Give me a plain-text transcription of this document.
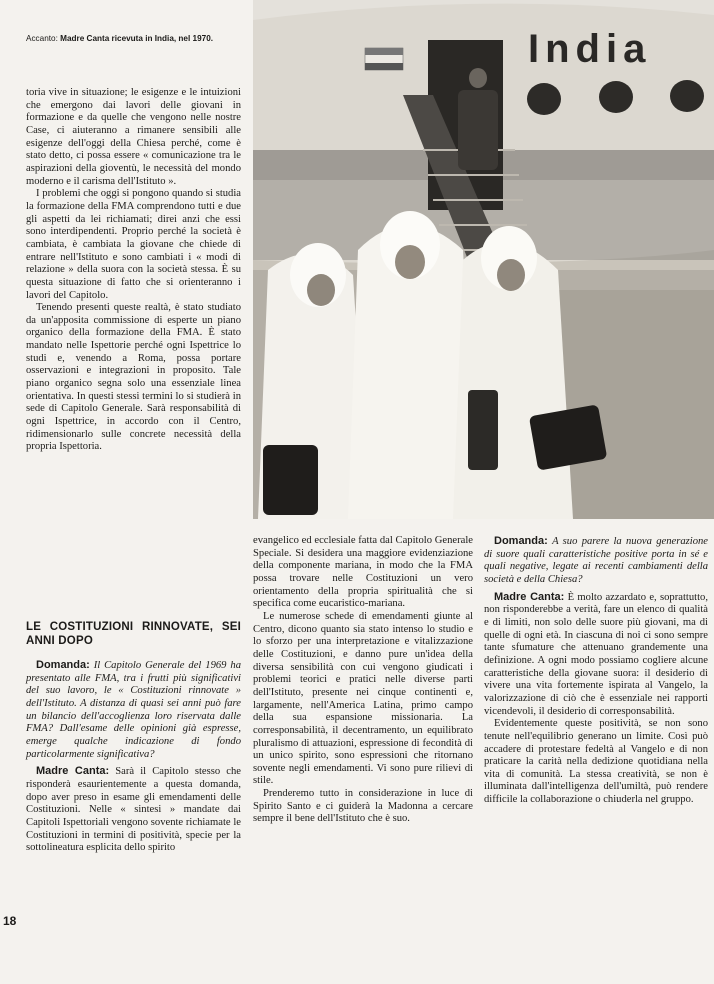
Accanto: Madre Canta ricevuta in India, nel 1970.	India

toria vive in situazione; le esigenze e le intuizioni che emergono dai lavori delle giovani in formazione e da quelle che vengono nelle nostre Case, ci aiuteranno a rimanere sensibili alle esigenze dell'oggi della Chiesa perché, come è stato detto, ci possa essere « comunicazione tra le aspirazioni della gioventù, le necessità del mondo moderno e il carisma dell'Istituto ».

I problemi che oggi si pongono quando si studia la formazione della FMA comprendono tutti e due gli aspetti da lei richiamati; direi anzi che essi sono interdipendenti. Proprio perché la società è cambiata, è cambiata la giovane che chiede di entrare nell'Istituto e sono cambiati i « modi di relazione » della suora con la società stessa. È su questa situazione di fatto che si orienteranno i lavori del Capitolo.

Tenendo presenti queste realtà, è stato studiato da un'apposita commissione di esperte un piano organico della formazione della FMA. È stato mandato nelle Ispettorie perché ogni Ispettrice lo studi e, venendo a Roma, possa portare osservazioni e integrazioni in proposito. Tale piano organico segna solo una essenziale linea orientativa. In questi stessi termini lo si studierà in sede di Capitolo Generale. Sarà responsabilità di ogni Ispettrice, in accordo con il Centro, ridimensionarlo sulle concrete necessità della propria Ispettoria.

LE COSTITUZIONI RINNOVATE, SEI ANNI DOPO

Domanda: Il Capitolo Generale del 1969 ha presentato alle FMA, tra i frutti più significativi del suo lavoro, le « Costituzioni rinnovate » dell'Istituto. A distanza di quasi sei anni può fare un bilancio dell'accoglienza loro riservata dalle FMA? Dall'esame delle opinioni già espresse, emerge qualche indicazione di fondo particolarmente significativa?

Madre Canta: Sarà il Capitolo stesso che risponderà esaurientemente a questa domanda, dopo aver preso in esame gli emendamenti delle Costituzioni. Nelle « sintesi » mandate dai Capitoli Ispettoriali vengono sovente richiamate le Costituzioni in termini di positività, specie per la sottolineatura esplicita dello spirito

evangelico ed ecclesiale fatta dal Capitolo Generale Speciale. Si desidera una maggiore evidenziazione della componente mariana, in modo che la FMA possa trovare nelle Costituzioni un vero orientamento della propria spiritualità che si specifica come eucaristico-mariana.

Le numerose schede di emendamenti giunte al Centro, dicono quanto sia stato intenso lo studio e lo sforzo per una interpretazione e vitalizzazione delle Costituzioni, e danno pure un'idea della diversa sensibilità con cui vengono giudicati i problemi teorici e pratici nelle diverse parti dell'Istituto, presente nei cinque continenti e, largamente, nell'America Latina, primo campo della sua espansione missionaria. La corresponsabilità, il decentramento, un equilibrato pluralismo di attuazioni, espressione di fecondità di un unico spirito, sono espressioni che ritornano sovente negli emendamenti. Vi sono pure rilievi di stile.

Prenderemo tutto in considerazione in luce di Spirito Santo e ci guiderà la Madonna a cercare sempre il bene dell'Istituto che è suo.

Domanda: A suo parere la nuova generazione di suore quali caratteristiche positive porta in sé e quali negative, legate ai recenti cambiamenti della società e della Chiesa?

Madre Canta: È molto azzardato e, soprattutto, non risponderebbe a verità, fare un elenco di qualità e di limiti, non solo delle suore più giovani, ma di quelle di ogni età. In ciascuna di noi ci sono sempre tante sfumature che attenuano grandemente una definizione. A ogni modo possiamo cogliere alcune caratteristiche della giovane suora: il desiderio di vivere una vita fortemente ispirata al Vangelo, la valorizzazione di ciò che è essenziale nei rapporti vicendevoli, il desiderio di corresponsabilità.

Evidentemente queste positività, se non sono tenute nell'equilibrio generano un limite. Così può accadere di protestare fedeltà al Vangelo e di non praticare la carità nella dedizione quotidiana nella vita di comunità. La stessa creatività, se non è illuminata dall'intelligenza dell'umiltà, può rendere difficile la collaborazione o chiuderla nel gruppo.

18
